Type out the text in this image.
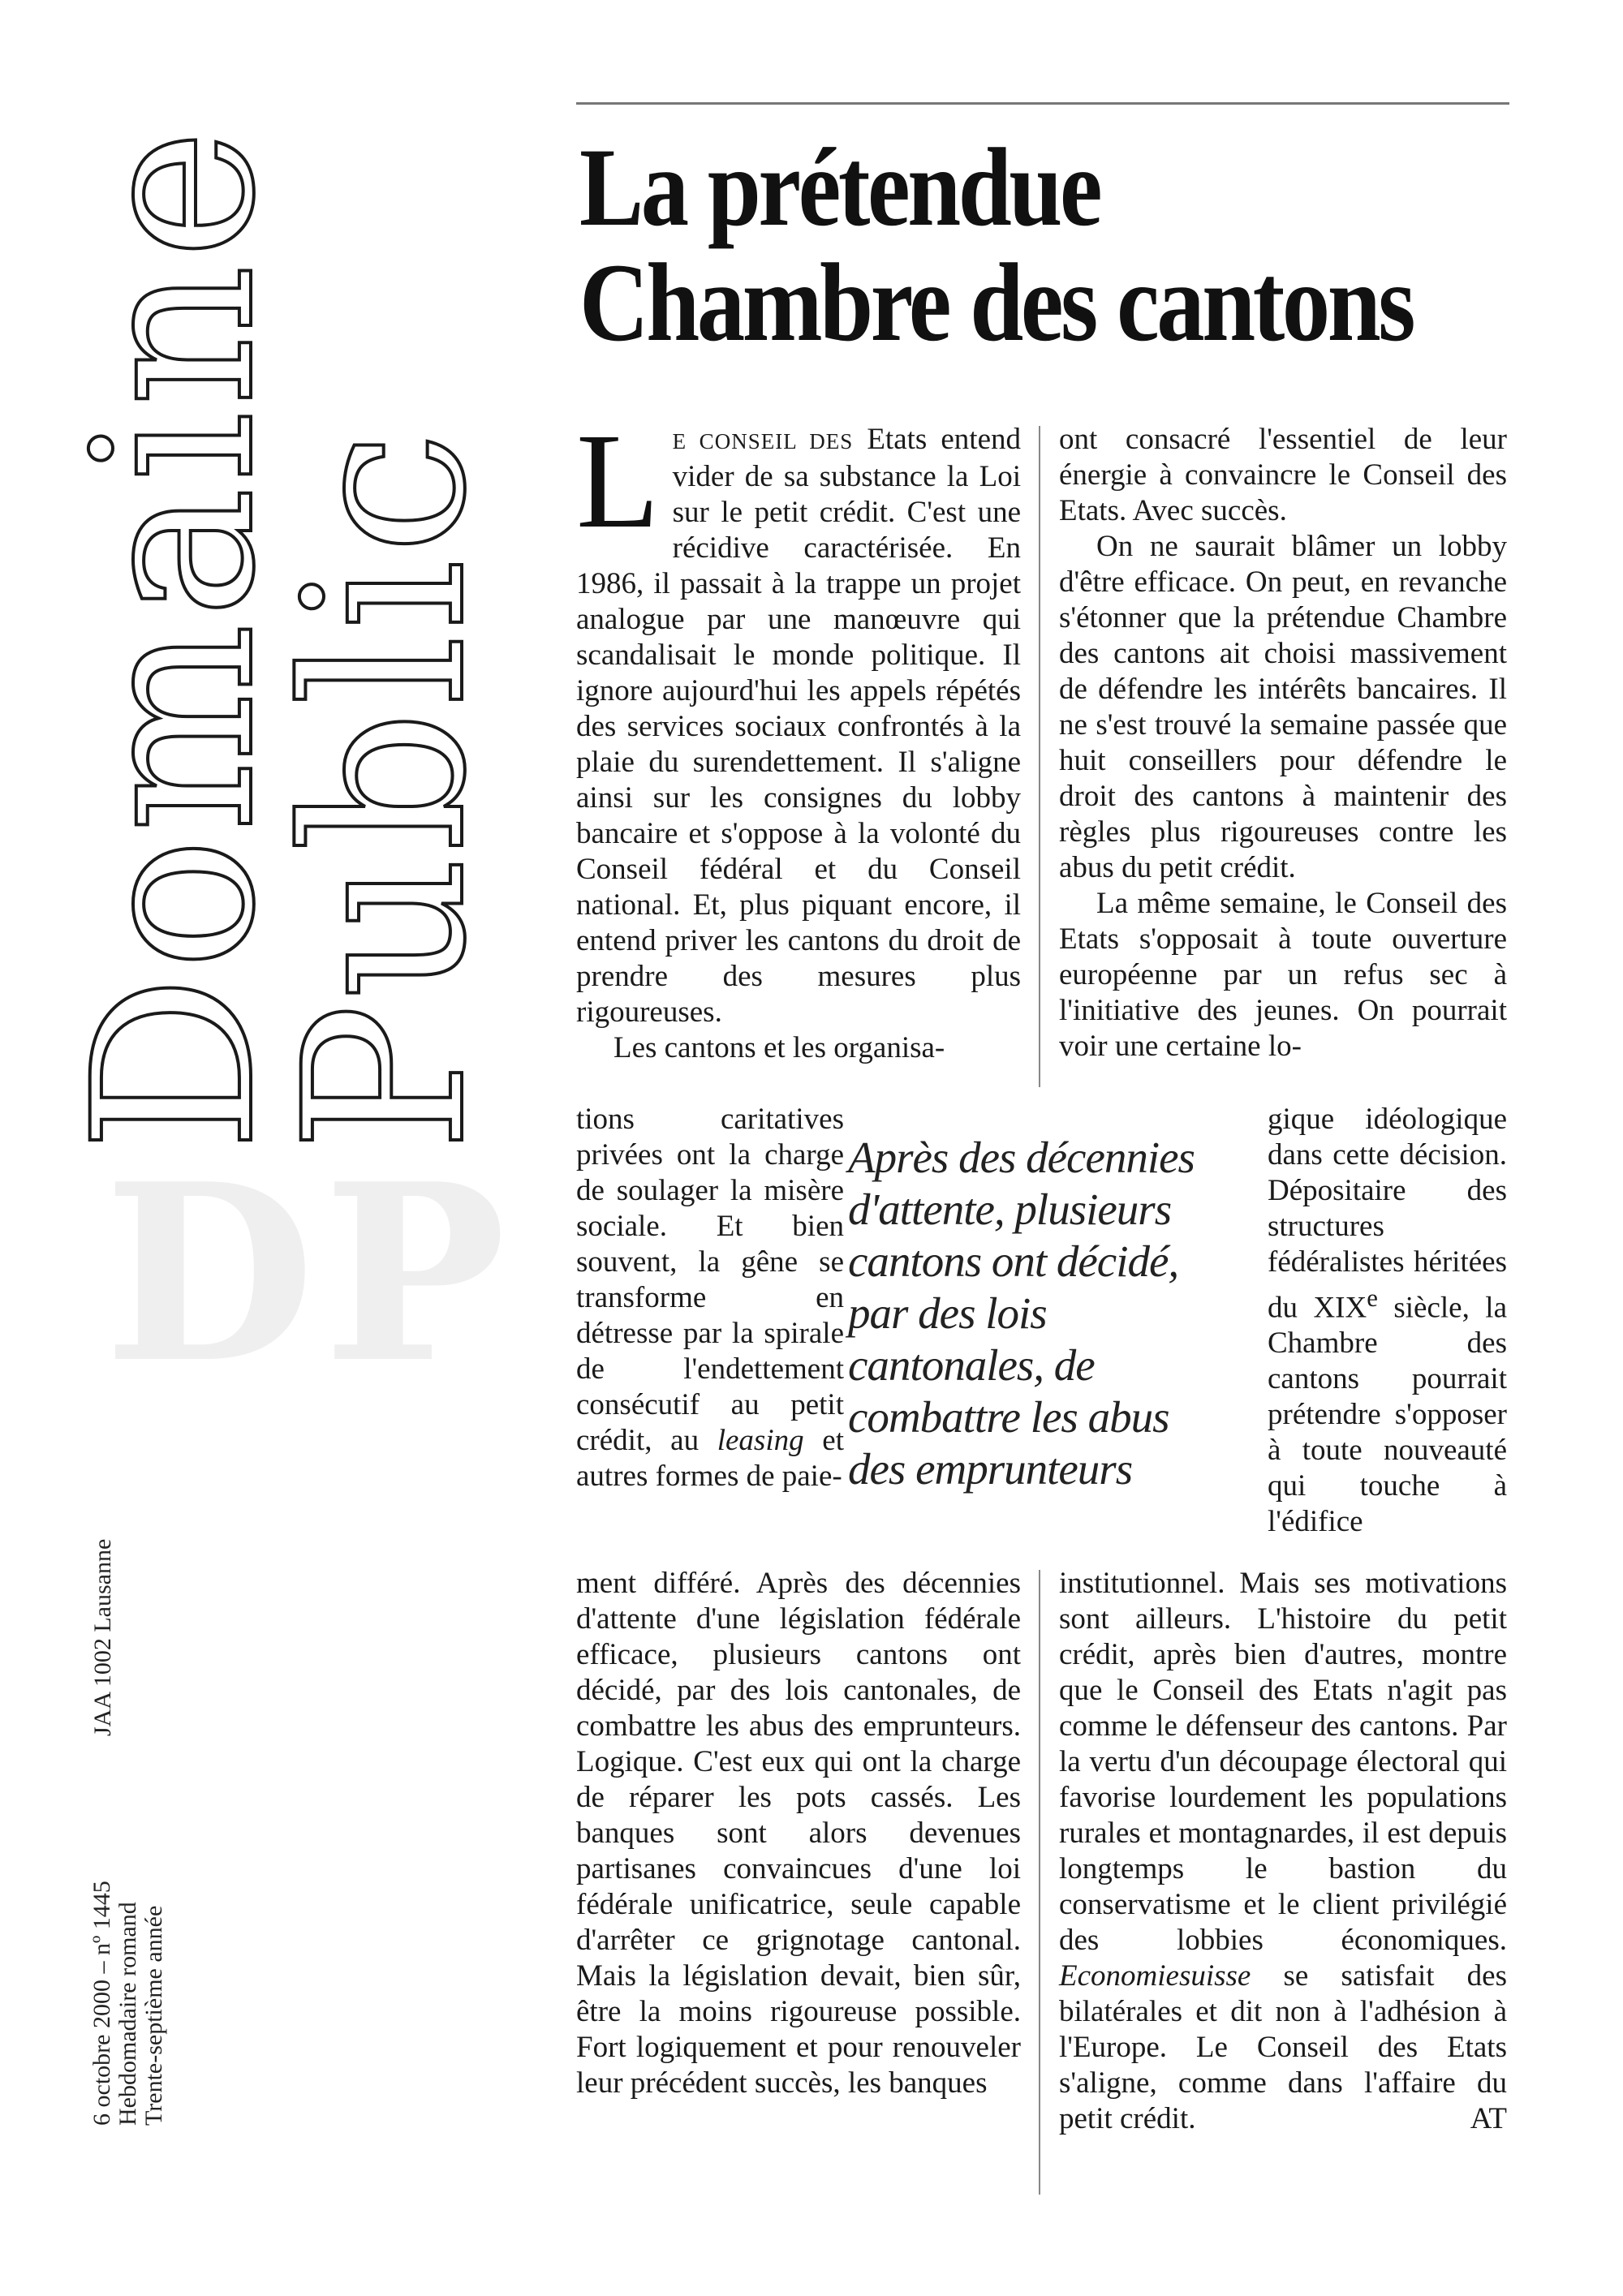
DP
Domaine
Public
JAA 1002 Lausanne
6 octobre 2000 – nº 1445 Hebdomadaire romand Trente-septième année
La prétendue
Chambre des cantons

LE CONSEIL DES Etats entend vider de sa substance la Loi sur le petit crédit. C'est une récidive caractérisée. En 1986, il passait à la trappe un projet analogue par une manœuvre qui scandalisait le monde politique. Il ignore aujourd'hui les appels répétés des services sociaux confrontés à la plaie du surendettement. Il s'aligne ainsi sur les consignes du lobby bancaire et s'oppose à la volonté du Conseil fédéral et du Conseil national. Et, plus piquant encore, il entend priver les cantons du droit de prendre des mesures plus rigoureuses.

Les cantons et les organisa-

tions caritatives privées ont la charge de soulager la misère sociale. Et bien souvent, la gêne se transforme en détresse par la spirale de l'endettement consécutif au petit crédit, au leasing et autres formes de paie-

ment différé. Après des décennies d'attente d'une législation fédérale efficace, plusieurs cantons ont décidé, par des lois cantonales, de combattre les abus des emprunteurs. Logique. C'est eux qui ont la charge de réparer les pots cassés. Les banques sont alors devenues partisanes convaincues d'une loi fédérale unificatrice, seule capable d'arrêter ce grignotage cantonal. Mais la législation devait, bien sûr, être la moins rigoureuse possible. Fort logiquement et pour renouveler leur précédent succès, les banques

Après des décennies
d'attente, plusieurs
cantons ont décidé,
par des lois
cantonales, de
combattre les abus
des emprunteurs

ont consacré l'essentiel de leur énergie à convaincre le Conseil des Etats. Avec succès.

On ne saurait blâmer un lobby d'être efficace. On peut, en revanche s'étonner que la prétendue Chambre des cantons ait choisi massivement de défendre les intérêts bancaires. Il ne s'est trouvé la semaine passée que huit conseillers pour défendre le droit des cantons à maintenir des règles plus rigoureuses contre les abus du petit crédit.

La même semaine, le Conseil des Etats s'opposait à toute ouverture européenne par un refus sec à l'initiative des jeunes. On pourrait voir une certaine lo-

gique idéologique dans cette décision. Dépositaire des structures fédéralistes héritées du XIXe siècle, la Chambre des cantons pourrait prétendre s'opposer à toute nouveauté qui touche à l'édifice

institutionnel. Mais ses motivations sont ailleurs. L'histoire du petit crédit, après bien d'autres, montre que le Conseil des Etats n'agit pas comme le défenseur des cantons. Par la vertu d'un découpage électoral qui favorise lourdement les populations rurales et montagnardes, il est depuis longtemps le bastion du conservatisme et le client privilégié des lobbies économiques. Economiesuisse se satisfait des bilatérales et dit non à l'adhésion à l'Europe. Le Conseil des Etats s'aligne, comme dans l'affaire du petit crédit.	AT
